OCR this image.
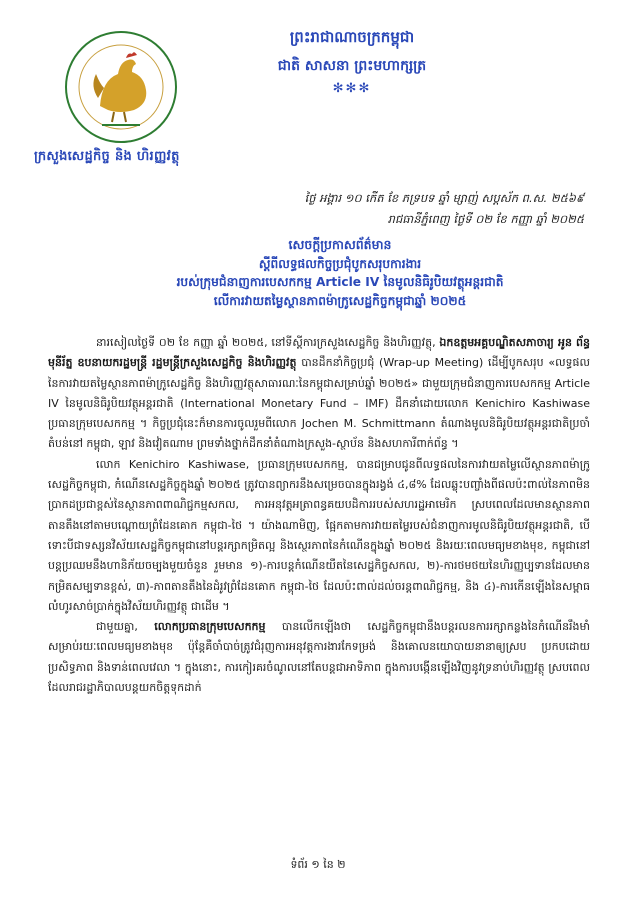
ក្រសួងសេដ្ឋកិច្ច និង ហិរញ្ញវត្ថុ
ព្រះរាជាណាចក្រកម្ពុជា
ជាតិ សាសនា ព្រះមហាក្សត្រ
✻✻✻
ថ្ងៃ អង្គារ ១០ កើត ខែ ភទ្របទ ឆ្នាំ ម្សាញ់ សប្តស័ក ព.ស. ២៥៦៩
រាជធានីភ្នំពេញ ថ្ងៃទី ០២ ខែ កញ្ញា ឆ្នាំ ២០២៥
សេចក្តីប្រកាសព័ត៌មាន
ស្តីពីលទ្ធផលកិច្ចប្រជុំបូកសរុបការងារ
របស់ក្រុមជំនាញការបេសកកម្ម Article IV នៃមូលនិធិរូបិយវត្ថុអន្តរជាតិ
លើការវាយតម្លៃស្ថានភាពម៉ាក្រូសេដ្ឋកិច្ចកម្ពុជាឆ្នាំ ២០២៥

នារសៀលថ្ងៃទី ០២ ខែ កញ្ញា ឆ្នាំ ២០២៥, នៅទីស្តីការក្រសួងសេដ្ឋកិច្ច និងហិរញ្ញវត្ថុ, ឯកឧត្តមអគ្គបណ្ឌិតសភាចារ្យ អូន ព័ន្ធមុនីរ័ត្ន ឧបនាយករដ្ឋមន្ត្រី រដ្ឋមន្ត្រីក្រសួងសេដ្ឋកិច្ច និងហិរញ្ញវត្ថុ បានដឹកនាំកិច្ចប្រជុំ (Wrap-up Meeting) ដើម្បីបូកសរុប «លទ្ធផលនៃការវាយតម្លៃស្ថានភាពម៉ាក្រូសេដ្ឋកិច្ច និងហិរញ្ញវត្ថុសាធារណៈនៃកម្ពុជាសម្រាប់ឆ្នាំ ២០២៥» ជាមួយក្រុមជំនាញការបេសកកម្ម Article IV នៃមូលនិធិរូបិយវត្ថុអន្តរជាតិ (International Monetary Fund – IMF) ដឹកនាំដោយលោក Kenichiro Kashiwase ប្រធានក្រុមបេសកកម្ម ។ កិច្ចប្រជុំនេះក៏មានការចូលរួមពីលោក Jochen M. Schmittmann តំណាងមូលនិធិរូបិយវត្ថុអន្តរជាតិប្រចាំតំបន់នៅ កម្ពុជា, ឡាវ និងវៀតណាម ព្រមទាំងថ្នាក់ដឹកនាំតំណាងក្រសួង-ស្ថាប័ន និងសហការីពាក់ព័ន្ធ ។

លោក Kenichiro Kashiwase, ប្រធានក្រុមបេសកកម្ម, បានជម្រាបជូនពីលទ្ធផលនៃការវាយតម្លៃលើស្ថានភាពម៉ាក្រូសេដ្ឋកិច្ចកម្ពុជា, កំណើនសេដ្ឋកិច្ចក្នុងឆ្នាំ ២០២៥ ត្រូវបានព្យាករនឹងសម្រេចបានក្នុងរង្វង់ ៤,៨% ដែលឆ្លុះបញ្ចាំងពីផលប៉ះពាល់នៃភាពមិនប្រាកដប្រជាខ្ពស់នៃស្ថានភាពពាណិជ្ជកម្មសកល, ការអនុវត្តអត្រាពន្ធគយបដិការរបស់សហរដ្ឋអាមេរិក ស្របពេលដែលមានស្ថានភាពតានតឹងនៅតាមបណ្តោយព្រំដែនគោក កម្ពុជា-ថៃ ។ យ៉ាងណាមិញ, ផ្អែកតាមការវាយតម្លៃរបស់ជំនាញការមូលនិធិរូបិយវត្ថុអន្តរជាតិ, បើទោះបីជាទស្សនវិស័យសេដ្ឋកិច្ចកម្ពុជានៅបន្តរក្សាកម្រិតល្អ និងស្ថេរភាពនៃកំណើនក្នុងឆ្នាំ ២០២៥ និងរយៈពេលមធ្យមខាងមុខ, កម្ពុជានៅបន្តប្រឈមនឹងហានិភ័យចម្បងមួយចំនួន រួមមាន ១)-ការបន្តកំណើនយឺតនៃសេដ្ឋកិច្ចសកល, ២)-ការថមថយនៃហិរញ្ញប្បទានដែលមានកម្រិតសម្បទានខ្ពស់, ៣)-ភាពតានតឹងនៃដំរូវព្រំដែនគោក កម្ពុជា-ថៃ ដែលប៉ះពាល់ដល់ចរន្តពាណិជ្ជកម្ម, និង ៤)-ការកើនឡើងនៃសម្ពាធលំហូរសាច់ប្រាក់ក្នុងវិស័យហិរញ្ញវត្ថុ ជាដើម ។

ជាមួយគ្នា, លោកប្រធានក្រុមបេសកកម្ម បានលើកឡើងថា សេដ្ឋកិច្ចកម្ពុជានឹងបន្តរលនការរក្សាកន្លងនៃកំណើនរឹងមាំសម្រាប់រយៈពេលមធ្យមខាងមុខ ប៉ុន្តែគឺចាំបាច់ត្រូវជំរុញការអនុវត្តការងារកែទម្រង់ និងគោលនយោបាយនានាឲ្យស្រប ប្រកបដោយប្រសិទ្ធភាព និងទាន់ពេលវេលា ។ ក្នុងនោះ, ការកៀរគរចំណូលនៅតែបន្តជាអាទិភាព ក្នុងការបង្កើនឡើងវិញនូវទ្រនាប់ហិរញ្ញវត្ថុ ស្របពេលដែលរាជរដ្ឋាភិបាលបន្តយកចិត្តទុកដាក់

ទំព័រ ១ នៃ ២
